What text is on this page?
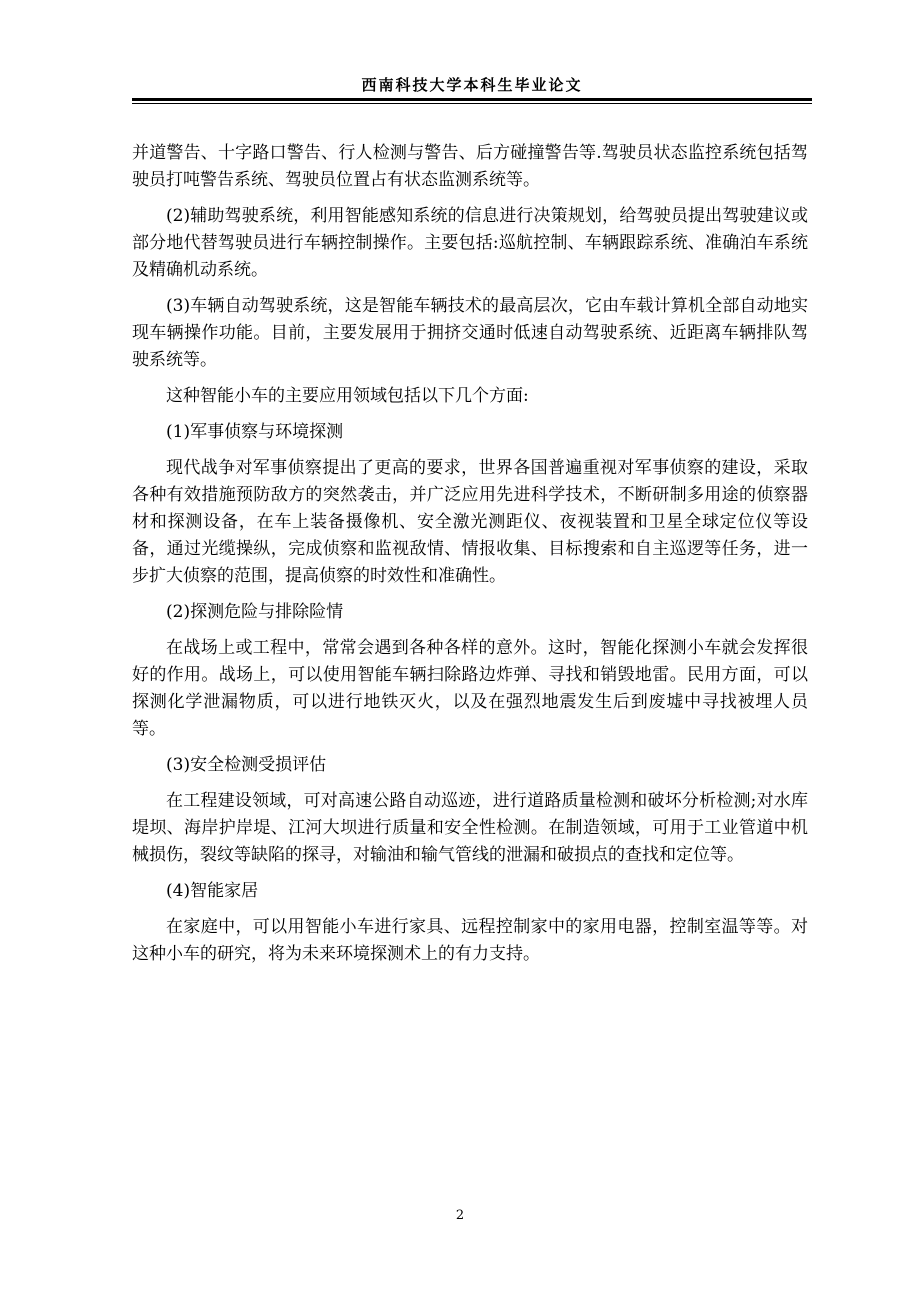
西南科技大学本科生毕业论文

并道警告、十字路口警告、行人检测与警告、后方碰撞警告等.驾驶员状态监控系统包括驾驶员打吨警告系统、驾驶员位置占有状态监测系统等。

(2)辅助驾驶系统，利用智能感知系统的信息进行决策规划，给驾驶员提出驾驶建议或部分地代替驾驶员进行车辆控制操作。主要包括:巡航控制、车辆跟踪系统、准确泊车系统及精确机动系统。

(3)车辆自动驾驶系统，这是智能车辆技术的最高层次，它由车载计算机全部自动地实现车辆操作功能。目前，主要发展用于拥挤交通时低速自动驾驶系统、近距离车辆排队驾驶系统等。

这种智能小车的主要应用领域包括以下几个方面:

(1)军事侦察与环境探测

现代战争对军事侦察提出了更高的要求，世界各国普遍重视对军事侦察的建设，采取各种有效措施预防敌方的突然袭击，并广泛应用先进科学技术，不断研制多用途的侦察器材和探测设备，在车上装备摄像机、安全激光测距仪、夜视装置和卫星全球定位仪等设备，通过光缆操纵，完成侦察和监视敌情、情报收集、目标搜索和自主巡逻等任务，进一步扩大侦察的范围，提高侦察的时效性和准确性。

(2)探测危险与排除险情

在战场上或工程中，常常会遇到各种各样的意外。这时，智能化探测小车就会发挥很好的作用。战场上，可以使用智能车辆扫除路边炸弹、寻找和销毁地雷。民用方面，可以探测化学泄漏物质，可以进行地铁灭火，以及在强烈地震发生后到废墟中寻找被埋人员等。

(3)安全检测受损评估

在工程建设领域，可对高速公路自动巡迹，进行道路质量检测和破坏分析检测;对水库堤坝、海岸护岸堤、江河大坝进行质量和安全性检测。在制造领域，可用于工业管道中机械损伤，裂纹等缺陷的探寻，对输油和输气管线的泄漏和破损点的查找和定位等。

(4)智能家居

在家庭中，可以用智能小车进行家具、远程控制家中的家用电器，控制室温等等。对这种小车的研究，将为未来环境探测术上的有力支持。

2
